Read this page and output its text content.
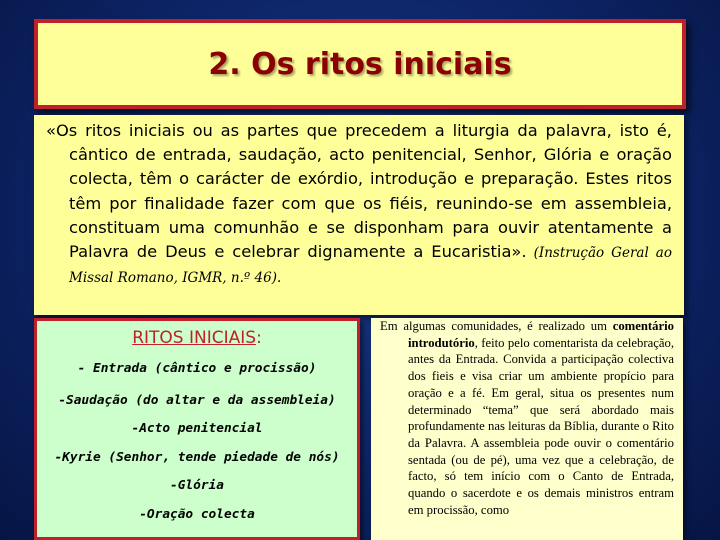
2. Os ritos iniciais

«Os ritos iniciais ou as partes que precedem a liturgia da palavra, isto é, cântico de entrada, saudação, acto penitencial, Senhor, Glória e oração colecta, têm o carácter de exórdio, introdução e preparação. Estes ritos têm por finalidade fazer com que os fiéis, reunindo-se em assembleia, constituam uma comunhão e se disponham para ouvir atentamente a Palavra de Deus e celebrar dignamente a Eucaristia». (Instrução Geral ao Missal Romano, IGMR, n.º 46).

RITOS INICIAIS:
- Entrada (cântico e procissão)
-Saudação (do altar e da assembleia)
-Acto penitencial
-Kyrie (Senhor, tende piedade de nós)
-Glória
-Oração colecta

Em algumas comunidades, é realizado um comentário introdutório, feito pelo comentarista da celebração, antes da Entrada. Convida a participação colectiva dos fieis e visa criar um ambiente propício para oração e a fé. Em geral, situa os presentes num determinado “tema” que será abordado mais profundamente nas leituras da Bíblia, durante o Rito da Palavra. A assembleia pode ouvir o comentário sentada (ou de pé), uma vez que a celebração, de facto, só tem início com o Canto de Entrada, quando o sacerdote e os demais ministros entram em procissão, como
